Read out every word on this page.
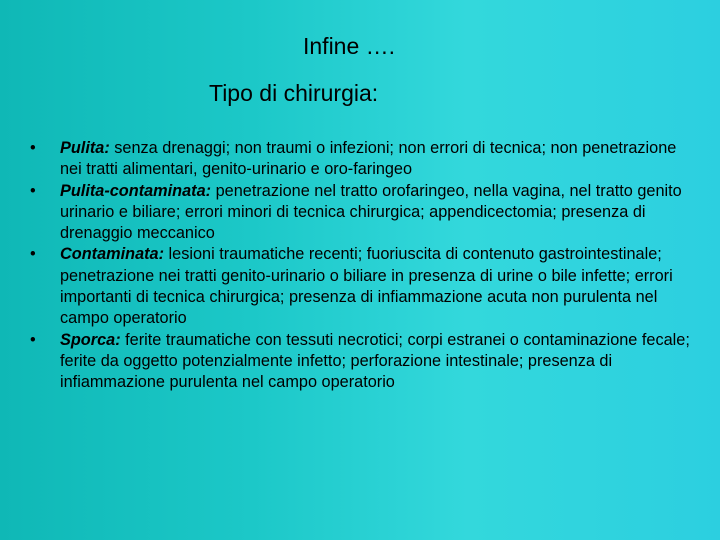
Infine ….
Tipo di chirurgia:
•	Pulita: senza drenaggi; non traumi o infezioni; non errori di tecnica; non penetrazione nei tratti alimentari, genito-urinario e oro-faringeo
•	Pulita-contaminata: penetrazione nel tratto orofaringeo, nella vagina, nel tratto genito urinario e biliare; errori minori di tecnica chirurgica; appendicectomia; presenza di drenaggio meccanico
•	Contaminata: lesioni traumatiche recenti; fuoriuscita di contenuto gastrointestinale; penetrazione nei tratti genito-urinario o biliare in presenza di urine o bile infette; errori importanti di tecnica chirurgica; presenza di infiammazione acuta non purulenta nel campo operatorio
•	Sporca: ferite traumatiche con tessuti necrotici; corpi estranei o contaminazione fecale; ferite da oggetto potenzialmente infetto; perforazione intestinale; presenza di infiammazione purulenta nel campo operatorio
